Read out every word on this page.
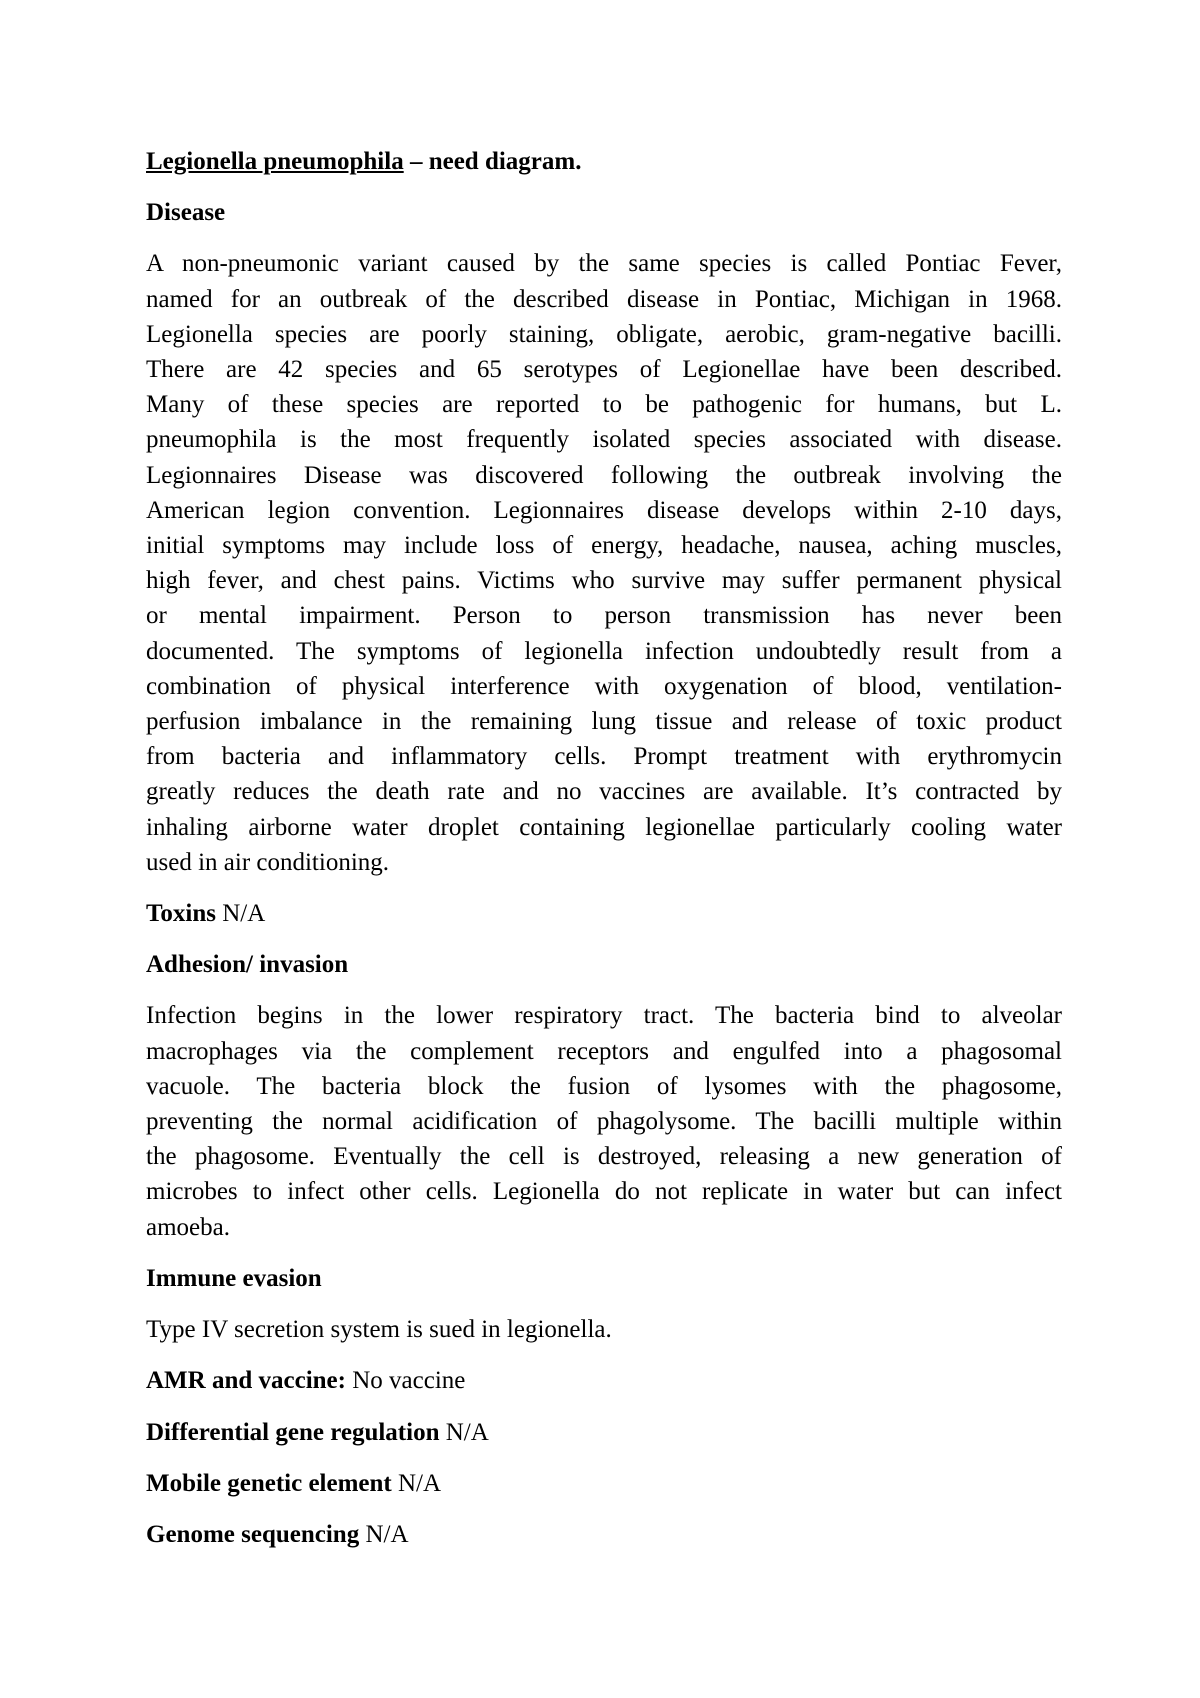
Legionella pneumophila – need diagram.

Disease

A non-pneumonic variant caused by the same species is called Pontiac Fever,
named for an outbreak of the described disease in Pontiac, Michigan in 1968.
Legionella species are poorly staining, obligate, aerobic, gram-negative bacilli.
There are 42 species and 65 serotypes of Legionellae have been described.
Many of these species are reported to be pathogenic for humans, but L.
pneumophila is the most frequently isolated species associated with disease.
Legionnaires Disease was discovered following the outbreak involving the
American legion convention. Legionnaires disease develops within 2-10 days,
initial symptoms may include loss of energy, headache, nausea, aching muscles,
high fever, and chest pains. Victims who survive may suffer permanent physical
or mental impairment. Person to person transmission has never been
documented. The symptoms of legionella infection undoubtedly result from a
combination of physical interference with oxygenation of blood, ventilation-
perfusion imbalance in the remaining lung tissue and release of toxic product
from bacteria and inflammatory cells. Prompt treatment with erythromycin
greatly reduces the death rate and no vaccines are available. It’s contracted by
inhaling airborne water droplet containing legionellae particularly cooling water
used in air conditioning.

Toxins N/A

Adhesion/ invasion

Infection begins in the lower respiratory tract. The bacteria bind to alveolar
macrophages via the complement receptors and engulfed into a phagosomal
vacuole. The bacteria block the fusion of lysomes with the phagosome,
preventing the normal acidification of phagolysome. The bacilli multiple within
the phagosome. Eventually the cell is destroyed, releasing a new generation of
microbes to infect other cells. Legionella do not replicate in water but can infect
amoeba.

Immune evasion

Type IV secretion system is sued in legionella.

AMR and vaccine: No vaccine

Differential gene regulation N/A

Mobile genetic element N/A

Genome sequencing N/A
